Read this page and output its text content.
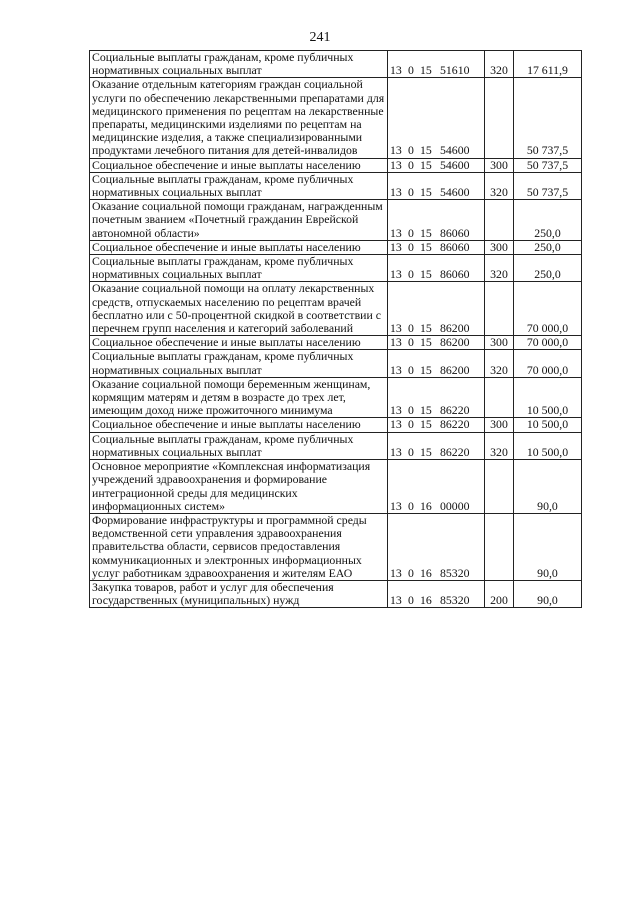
241
Социальные выплаты гражданам, кроме публичных нормативных социальных выплат	13 0 15 51610	320	17 611,9
Оказание отдельным категориям граждан социальной услуги по обеспечению лекарственными препаратами для медицинского применения по рецептам на лекарственные препараты, медицинскими изделиями по рецептам на медицинские изделия, а также специализированными продуктами лечебного питания для детей-инвалидов	13 0 15 54600		50 737,5
Социальное обеспечение и иные выплаты населению	13 0 15 54600	300	50 737,5
Социальные выплаты гражданам, кроме публичных нормативных социальных выплат	13 0 15 54600	320	50 737,5
Оказание социальной помощи гражданам, награжденным почетным званием «Почетный гражданин Еврейской автономной области»	13 0 15 86060		250,0
Социальное обеспечение и иные выплаты населению	13 0 15 86060	300	250,0
Социальные выплаты гражданам, кроме публичных нормативных социальных выплат	13 0 15 86060	320	250,0
Оказание социальной помощи на оплату лекарственных средств, отпускаемых населению по рецептам врачей бесплатно или с 50-процентной скидкой в соответствии с перечнем групп населения и категорий заболеваний	13 0 15 86200		70 000,0
Социальное обеспечение и иные выплаты населению	13 0 15 86200	300	70 000,0
Социальные выплаты гражданам, кроме публичных нормативных социальных выплат	13 0 15 86200	320	70 000,0
Оказание социальной помощи беременным женщинам, кормящим матерям и детям в возрасте до трех лет, имеющим доход ниже прожиточного минимума	13 0 15 86220		10 500,0
Социальное обеспечение и иные выплаты населению	13 0 15 86220	300	10 500,0
Социальные выплаты гражданам, кроме публичных нормативных социальных выплат	13 0 15 86220	320	10 500,0
Основное мероприятие «Комплексная информатизация учреждений здравоохранения и формирование интеграционной среды для медицинских информационных систем»	13 0 16 00000		90,0
Формирование инфраструктуры и программной среды ведомственной сети управления здравоохранения правительства области, сервисов предоставления коммуникационных и электронных информационных услуг работникам здравоохранения и жителям ЕАО	13 0 16 85320		90,0
Закупка товаров, работ и услуг для обеспечения государственных (муниципальных) нужд	13 0 16 85320	200	90,0
